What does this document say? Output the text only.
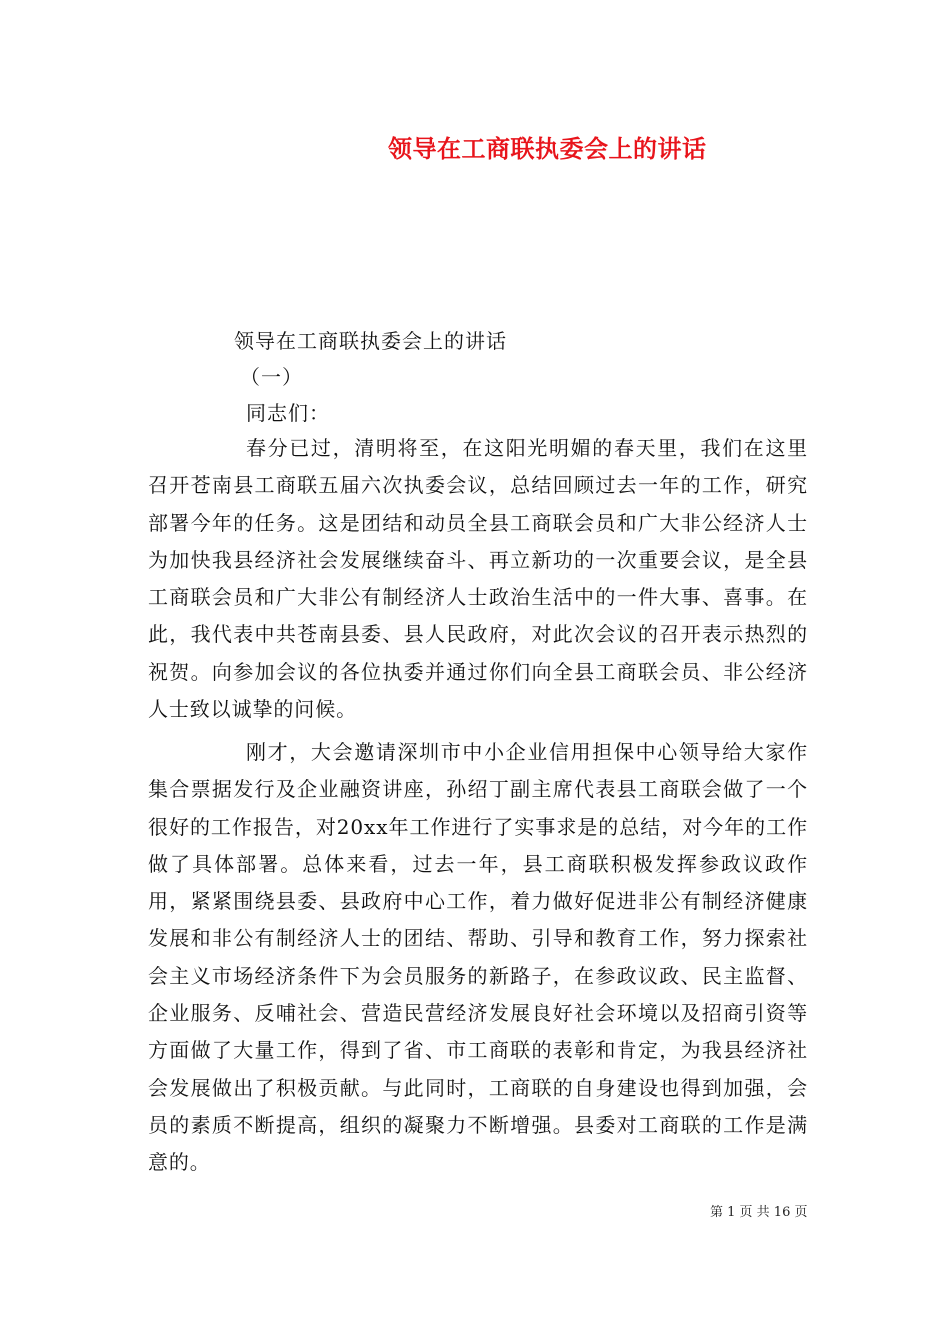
领导在工商联执委会上的讲话
领导在工商联执委会上的讲话
（一）
同志们：

春分已过，清明将至，在这阳光明媚的春天里，我们在这里召开苍南县工商联五届六次执委会议，总结回顾过去一年的工作，研究部署今年的任务。这是团结和动员全县工商联会员和广大非公经济人士为加快我县经济社会发展继续奋斗、再立新功的一次重要会议，是全县工商联会员和广大非公有制经济人士政治生活中的一件大事、喜事。在此，我代表中共苍南县委、县人民政府，对此次会议的召开表示热烈的祝贺。向参加会议的各位执委并通过你们向全县工商联会员、非公经济人士致以诚挚的问候。

刚才，大会邀请深圳市中小企业信用担保中心领导给大家作集合票据发行及企业融资讲座，孙绍丁副主席代表县工商联会做了一个很好的工作报告，对20xx年工作进行了实事求是的总结，对今年的工作做了具体部署。总体来看，过去一年，县工商联积极发挥参政议政作用，紧紧围绕县委、县政府中心工作，着力做好促进非公有制经济健康发展和非公有制经济人士的团结、帮助、引导和教育工作，努力探索社会主义市场经济条件下为会员服务的新路子，在参政议政、民主监督、企业服务、反哺社会、营造民营经济发展良好社会环境以及招商引资等方面做了大量工作，得到了省、市工商联的表彰和肯定，为我县经济社会发展做出了积极贡献。与此同时，工商联的自身建设也得到加强，会员的素质不断提高，组织的凝聚力不断增强。县委对工商联的工作是满意的。

第 1 页 共 16 页
